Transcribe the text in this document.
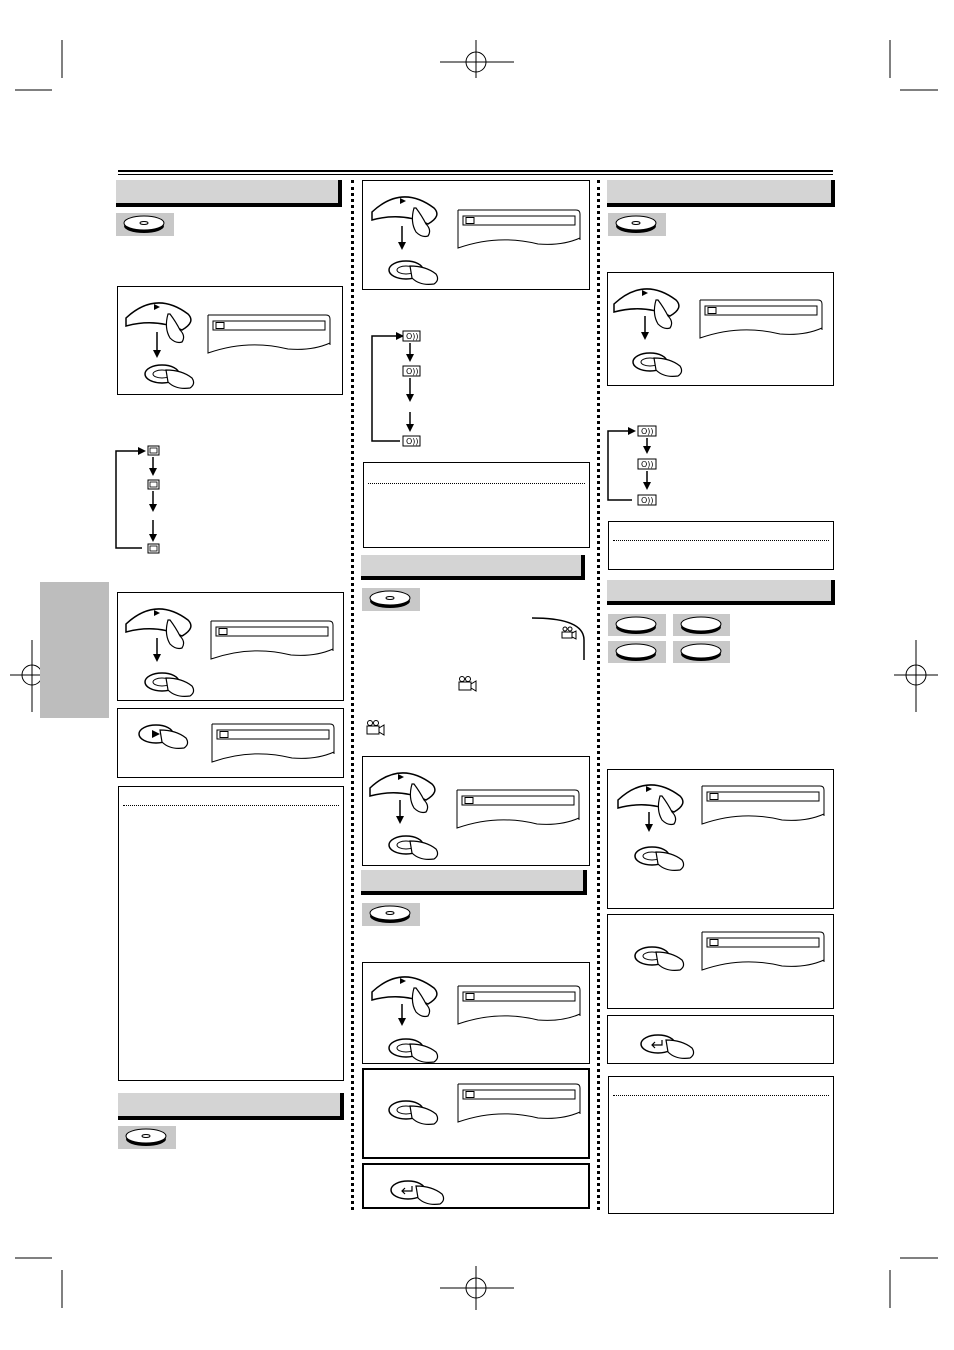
O))
O))
O))
O))
O))
O))
